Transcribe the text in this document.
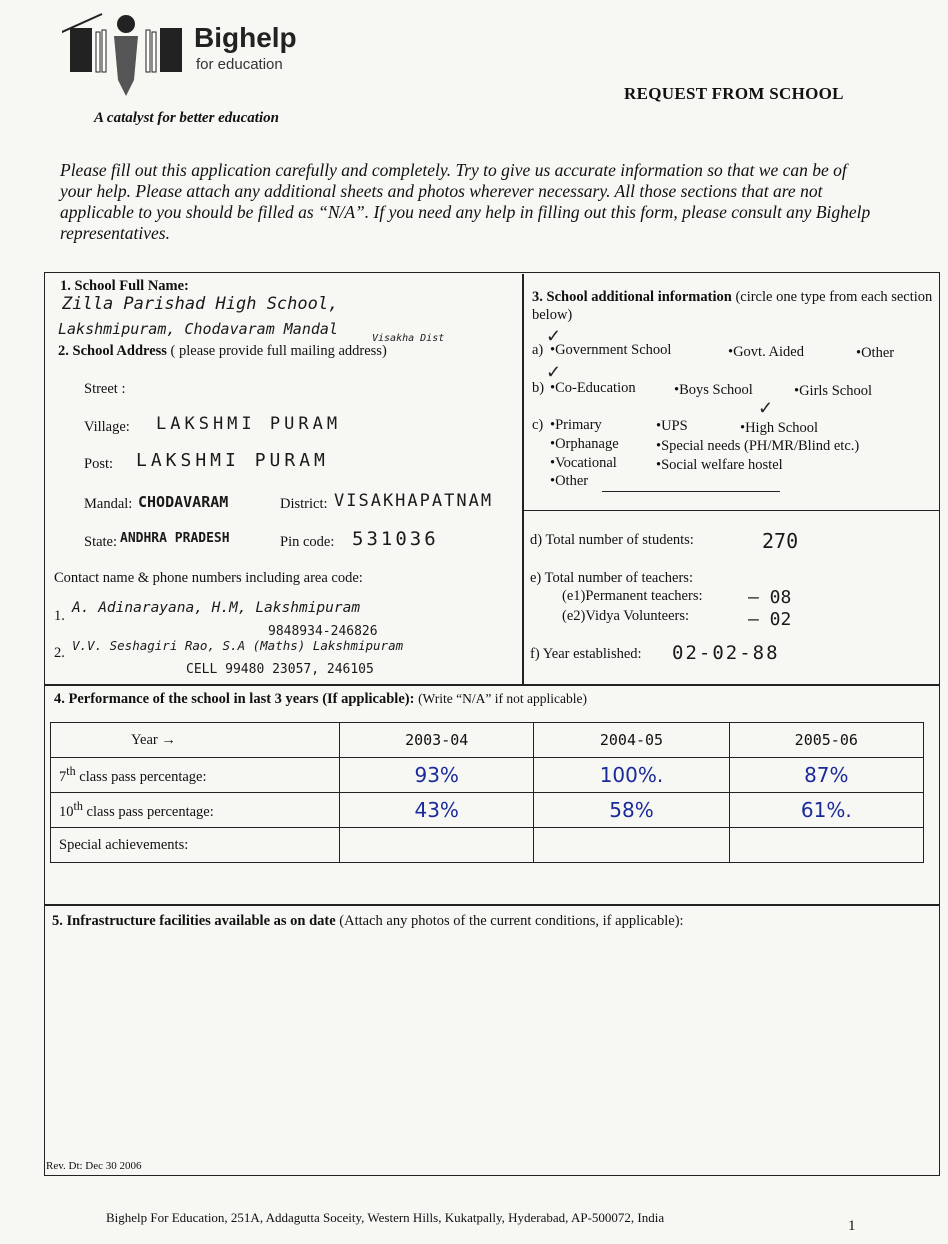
Bighelp
for education
A catalyst for better education
REQUEST FROM SCHOOL
Please fill out this application carefully and completely. Try to give us accurate information so that we can be of your help. Please attach any additional sheets and photos wherever necessary. All those sections that are not applicable to you should be filled as “N/A”. If you need any help in filling out this form, please consult any Bighelp representatives.
1. School Full Name:
Zilla Parishad High School,
Lakshmipuram, Chodavaram Mandal
Visakha Dist
2. School Address ( please provide full mailing address)
Street :
Village: LAKSHMI PURAM
Post: LAKSHMI PURAM
Mandal: CHODAVARAM	District: VISAKHAPATNAM
State: ANDHRA PRADESH	Pin code: 531036
Contact name & phone numbers including area code:
1. A. Adinarayana, H.M, Lakshmipuram
9848934-246826
2. V.V. Seshagiri Rao, S.A (Maths) Lakshmipuram
CELL 99480 23057, 246105
3. School additional information (circle one type from each section below)
✓
a) •Government School	•Govt. Aided	•Other
✓
b) •Co-Education	•Boys School	•Girls School
✓
c) •Primary	•UPS	•High School
•Orphanage	•Special needs (PH/MR/Blind etc.)
•Vocational	•Social welfare hostel
•Other
d) Total number of students:	270
e) Total number of teachers:
(e1)Permanent teachers:	— 08
(e2)Vidya Volunteers:	— 02
f) Year established: 02-02-88
4. Performance of the school in last 3 years (If applicable): (Write “N/A” if not applicable)
Year →	2003-04	2004-05	2005-06
7th class pass percentage:	93%	100%.	87%
10th class pass percentage:	43%	58%	61%.
Special achievements:			
5. Infrastructure facilities available as on date (Attach any photos of the current conditions, if applicable):
Rev. Dt: Dec 30 2006
Bighelp For Education, 251A, Addagutta Soceity, Western Hills, Kukatpally, Hyderabad, AP-500072, India
1
